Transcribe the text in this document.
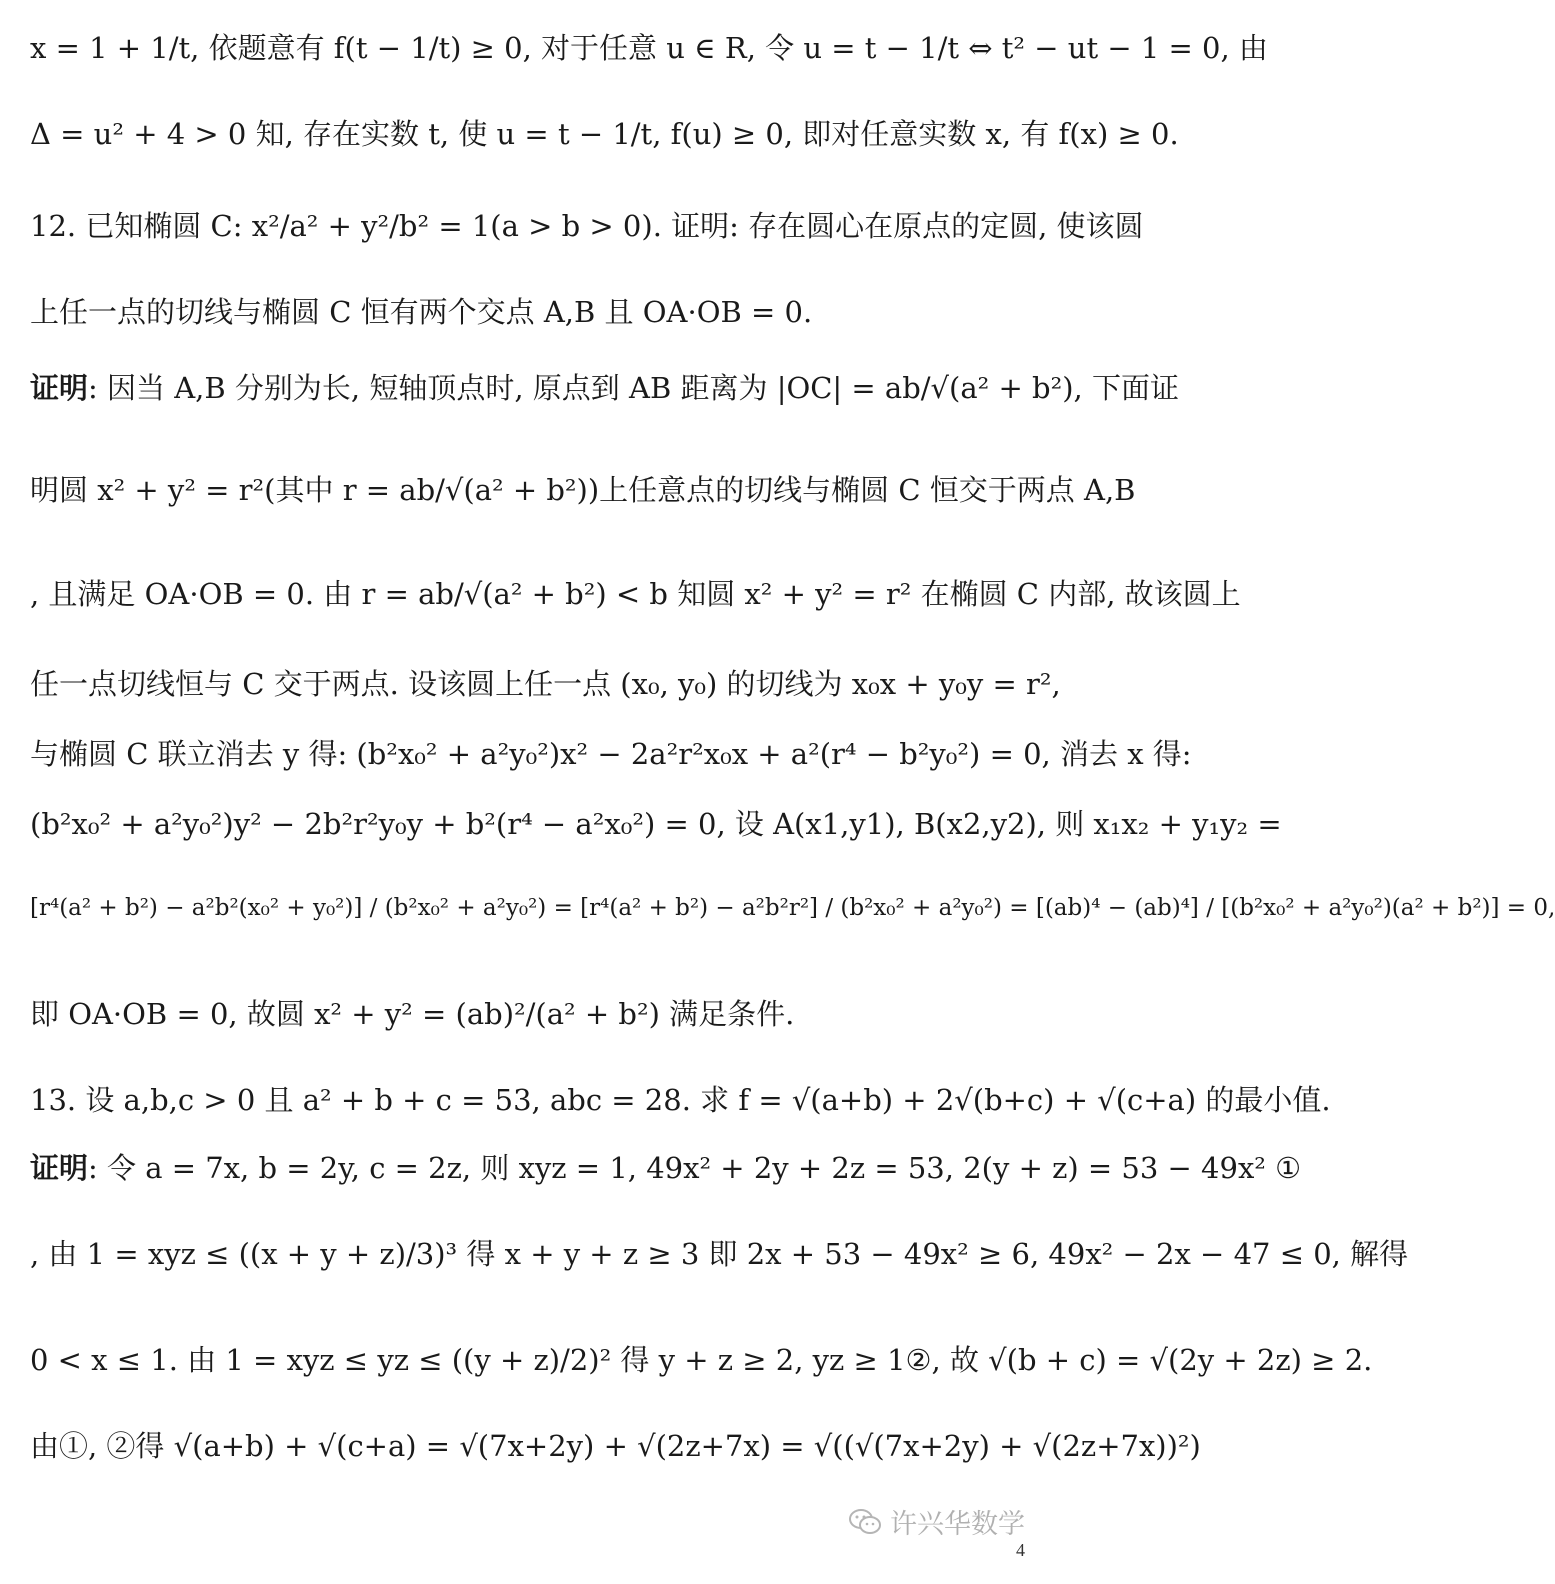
x = 1 + 1/t, 依题意有 f(t − 1/t) ≥ 0, 对于任意 u ∈ R, 令 u = t − 1/t ⇔ t² − ut − 1 = 0, 由
Δ = u² + 4 > 0 知, 存在实数 t, 使 u = t − 1/t, f(u) ≥ 0, 即对任意实数 x, 有 f(x) ≥ 0.
12. 已知椭圆 C: x²/a² + y²/b² = 1(a > b > 0). 证明: 存在圆心在原点的定圆, 使该圆
上任一点的切线与椭圆 C 恒有两个交点 A,B 且 OA·OB = 0.
证明: 因当 A,B 分别为长, 短轴顶点时, 原点到 AB 距离为 |OC| = ab/√(a² + b²), 下面证
明圆 x² + y² = r²(其中 r = ab/√(a² + b²))上任意点的切线与椭圆 C 恒交于两点 A,B
, 且满足 OA·OB = 0. 由 r = ab/√(a² + b²) < b 知圆 x² + y² = r² 在椭圆 C 内部, 故该圆上
任一点切线恒与 C 交于两点. 设该圆上任一点 (x₀, y₀) 的切线为 x₀x + y₀y = r²,
与椭圆 C 联立消去 y 得: (b²x₀² + a²y₀²)x² − 2a²r²x₀x + a²(r⁴ − b²y₀²) = 0, 消去 x 得:
(b²x₀² + a²y₀²)y² − 2b²r²y₀y + b²(r⁴ − a²x₀²) = 0, 设 A(x1,y1), B(x2,y2), 则 x₁x₂ + y₁y₂ =
[r⁴(a² + b²) − a²b²(x₀² + y₀²)] / (b²x₀² + a²y₀²) = [r⁴(a² + b²) − a²b²r²] / (b²x₀² + a²y₀²) = [(ab)⁴ − (ab)⁴] / [(b²x₀² + a²y₀²)(a² + b²)] = 0,
即 OA·OB = 0, 故圆 x² + y² = (ab)²/(a² + b²) 满足条件.
13. 设 a,b,c > 0 且 a² + b + c = 53, abc = 28. 求 f = √(a+b) + 2√(b+c) + √(c+a) 的最小值.
证明: 令 a = 7x, b = 2y, c = 2z, 则 xyz = 1, 49x² + 2y + 2z = 53, 2(y + z) = 53 − 49x² ①
, 由 1 = xyz ≤ ((x + y + z)/3)³ 得 x + y + z ≥ 3 即 2x + 53 − 49x² ≥ 6, 49x² − 2x − 47 ≤ 0, 解得
0 < x ≤ 1. 由 1 = xyz ≤ yz ≤ ((y + z)/2)² 得 y + z ≥ 2, yz ≥ 1②, 故 √(b + c) = √(2y + 2z) ≥ 2.
由①, ②得 √(a+b) + √(c+a) = √(7x+2y) + √(2z+7x) = √((√(7x+2y) + √(2z+7x))²)
许兴华数学
4
